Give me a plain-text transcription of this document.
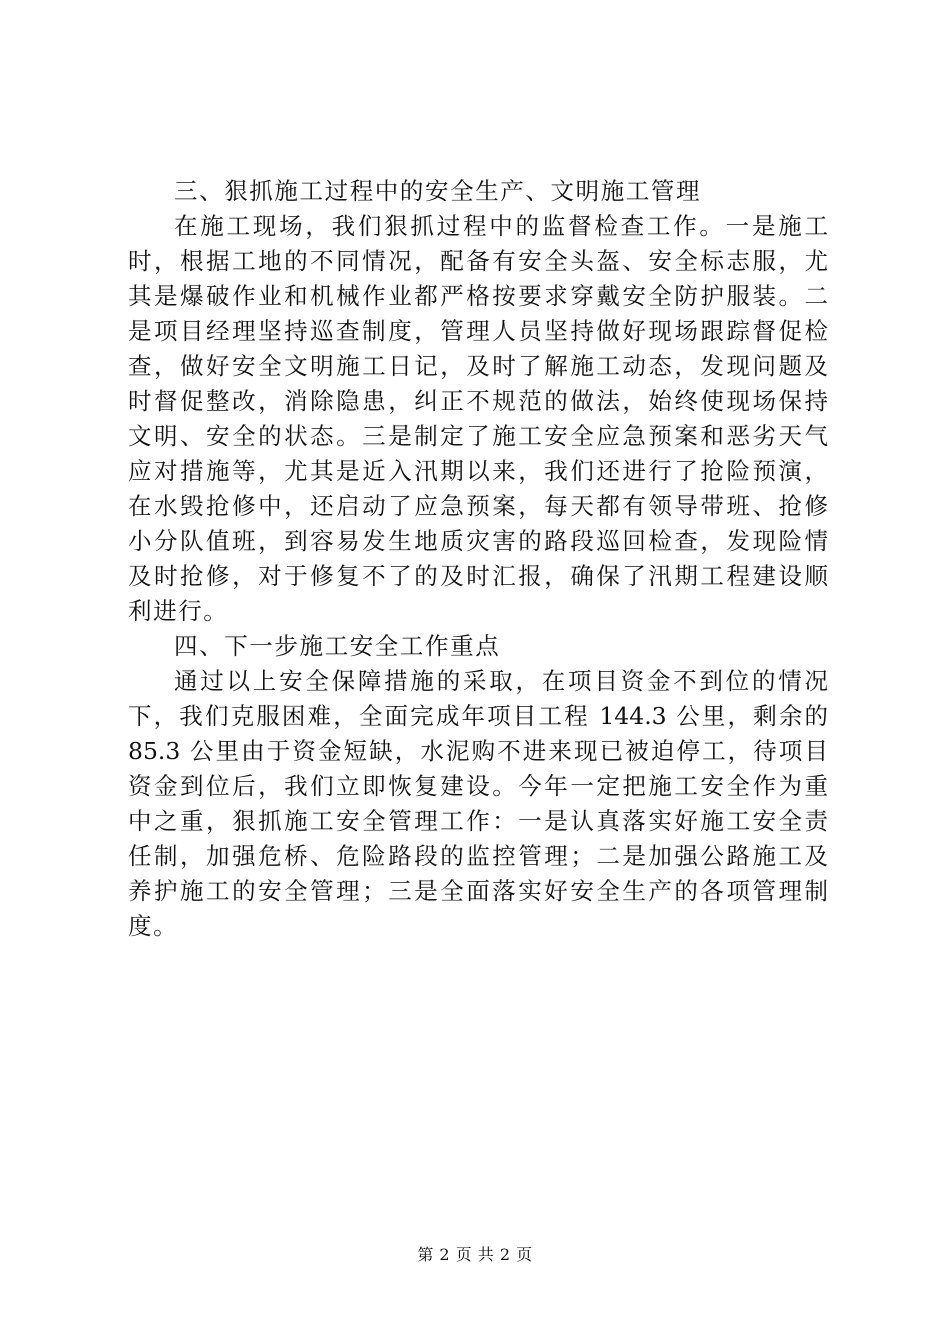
三、狠抓施工过程中的安全生产、文明施工管理
在施工现场，我们狠抓过程中的监督检查工作。一是施工
时，根据工地的不同情况，配备有安全头盔、安全标志服，尤
其是爆破作业和机械作业都严格按要求穿戴安全防护服装。二
是项目经理坚持巡查制度，管理人员坚持做好现场跟踪督促检
查，做好安全文明施工日记，及时了解施工动态，发现问题及
时督促整改，消除隐患，纠正不规范的做法，始终使现场保持
文明、安全的状态。三是制定了施工安全应急预案和恶劣天气
应对措施等，尤其是近入汛期以来，我们还进行了抢险预演，
在水毁抢修中，还启动了应急预案，每天都有领导带班、抢修
小分队值班，到容易发生地质灾害的路段巡回检查，发现险情
及时抢修，对于修复不了的及时汇报，确保了汛期工程建设顺
利进行。
四、下一步施工安全工作重点
通过以上安全保障措施的采取，在项目资金不到位的情况
下，我们克服困难，全面完成年项目工程 144.3 公里，剩余的
85.3 公里由于资金短缺，水泥购不进来现已被迫停工，待项目
资金到位后，我们立即恢复建设。今年一定把施工安全作为重
中之重，狠抓施工安全管理工作：一是认真落实好施工安全责
任制，加强危桥、危险路段的监控管理；二是加强公路施工及
养护施工的安全管理；三是全面落实好安全生产的各项管理制
度。
第 2 页 共 2 页
